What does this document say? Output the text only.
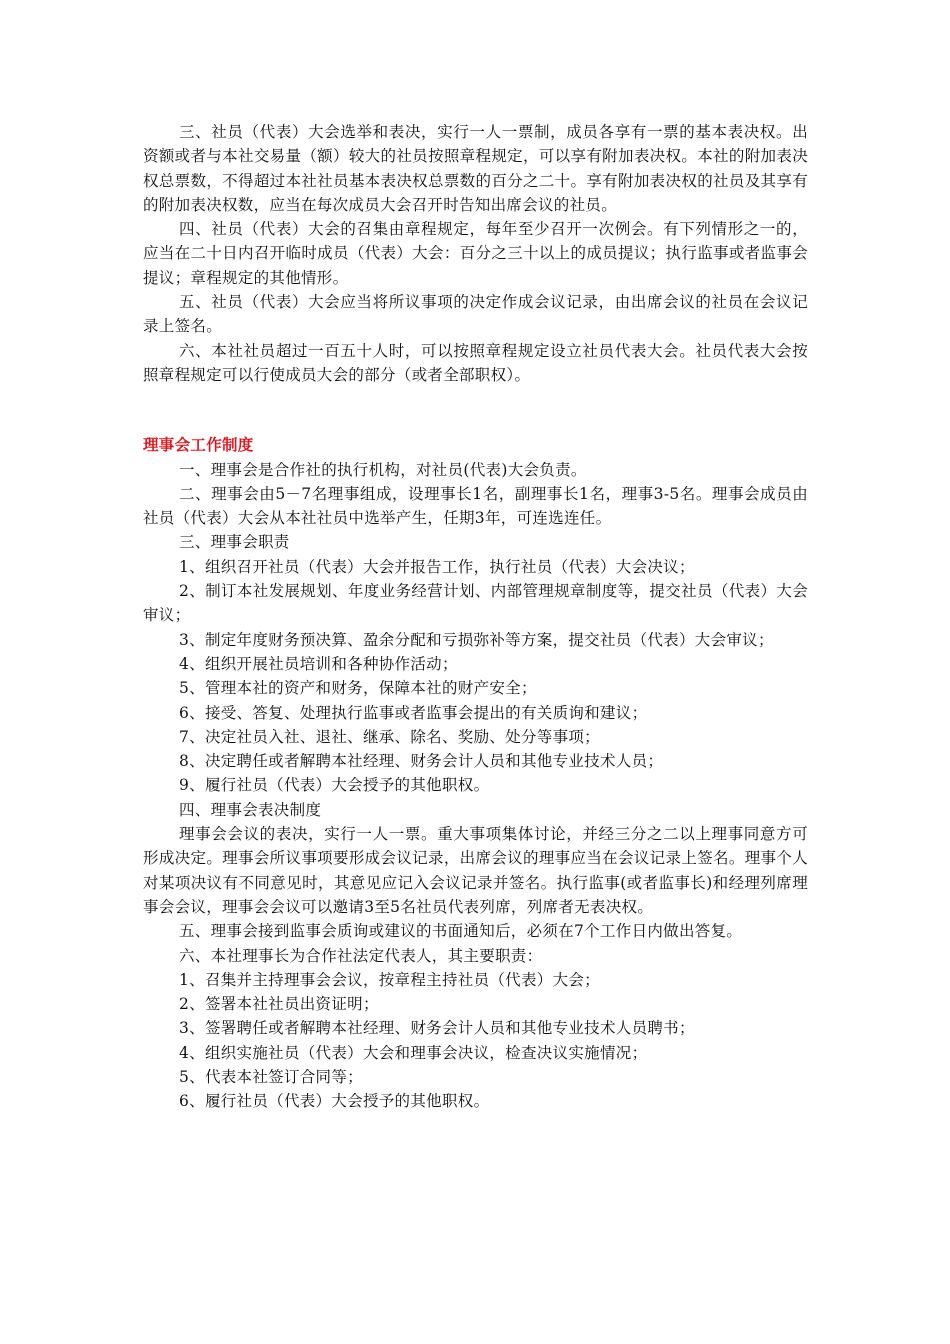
三、社员（代表）大会选举和表决，实行一人一票制，成员各享有一票的基本表决权。出资额或者与本社交易量（额）较大的社员按照章程规定，可以享有附加表决权。本社的附加表决权总票数，不得超过本社社员基本表决权总票数的百分之二十。享有附加表决权的社员及其享有的附加表决权数，应当在每次成员大会召开时告知出席会议的社员。

四、社员（代表）大会的召集由章程规定，每年至少召开一次例会。有下列情形之一的，应当在二十日内召开临时成员（代表）大会：百分之三十以上的成员提议；执行监事或者监事会提议；章程规定的其他情形。

五、社员（代表）大会应当将所议事项的决定作成会议记录，由出席会议的社员在会议记录上签名。

六、本社社员超过一百五十人时，可以按照章程规定设立社员代表大会。社员代表大会按照章程规定可以行使成员大会的部分（或者全部职权）。

理事会工作制度

一、理事会是合作社的执行机构，对社员(代表)大会负责。

二、理事会由5－7名理事组成，设理事长1名，副理事长1名，理事3-5名。理事会成员由社员（代表）大会从本社社员中选举产生，任期3年，可连选连任。

三、理事会职责

1、组织召开社员（代表）大会并报告工作，执行社员（代表）大会决议；

2、制订本社发展规划、年度业务经营计划、内部管理规章制度等，提交社员（代表）大会审议；

3、制定年度财务预决算、盈余分配和亏损弥补等方案，提交社员（代表）大会审议；

4、组织开展社员培训和各种协作活动；

5、管理本社的资产和财务，保障本社的财产安全；

6、接受、答复、处理执行监事或者监事会提出的有关质询和建议；

7、决定社员入社、退社、继承、除名、奖励、处分等事项；

8、决定聘任或者解聘本社经理、财务会计人员和其他专业技术人员；

9、履行社员（代表）大会授予的其他职权。

四、理事会表决制度

理事会会议的表决，实行一人一票。重大事项集体讨论，并经三分之二以上理事同意方可形成决定。理事会所议事项要形成会议记录，出席会议的理事应当在会议记录上签名。理事个人对某项决议有不同意见时，其意见应记入会议记录并签名。执行监事(或者监事长)和经理列席理事会会议，理事会会议可以邀请3至5名社员代表列席，列席者无表决权。

五、理事会接到监事会质询或建议的书面通知后，必须在7个工作日内做出答复。

六、本社理事长为合作社法定代表人，其主要职责：

1、召集并主持理事会会议，按章程主持社员（代表）大会；

2、签署本社社员出资证明；

3、签署聘任或者解聘本社经理、财务会计人员和其他专业技术人员聘书；

4、组织实施社员（代表）大会和理事会决议，检查决议实施情况；

5、代表本社签订合同等；

6、履行社员（代表）大会授予的其他职权。
